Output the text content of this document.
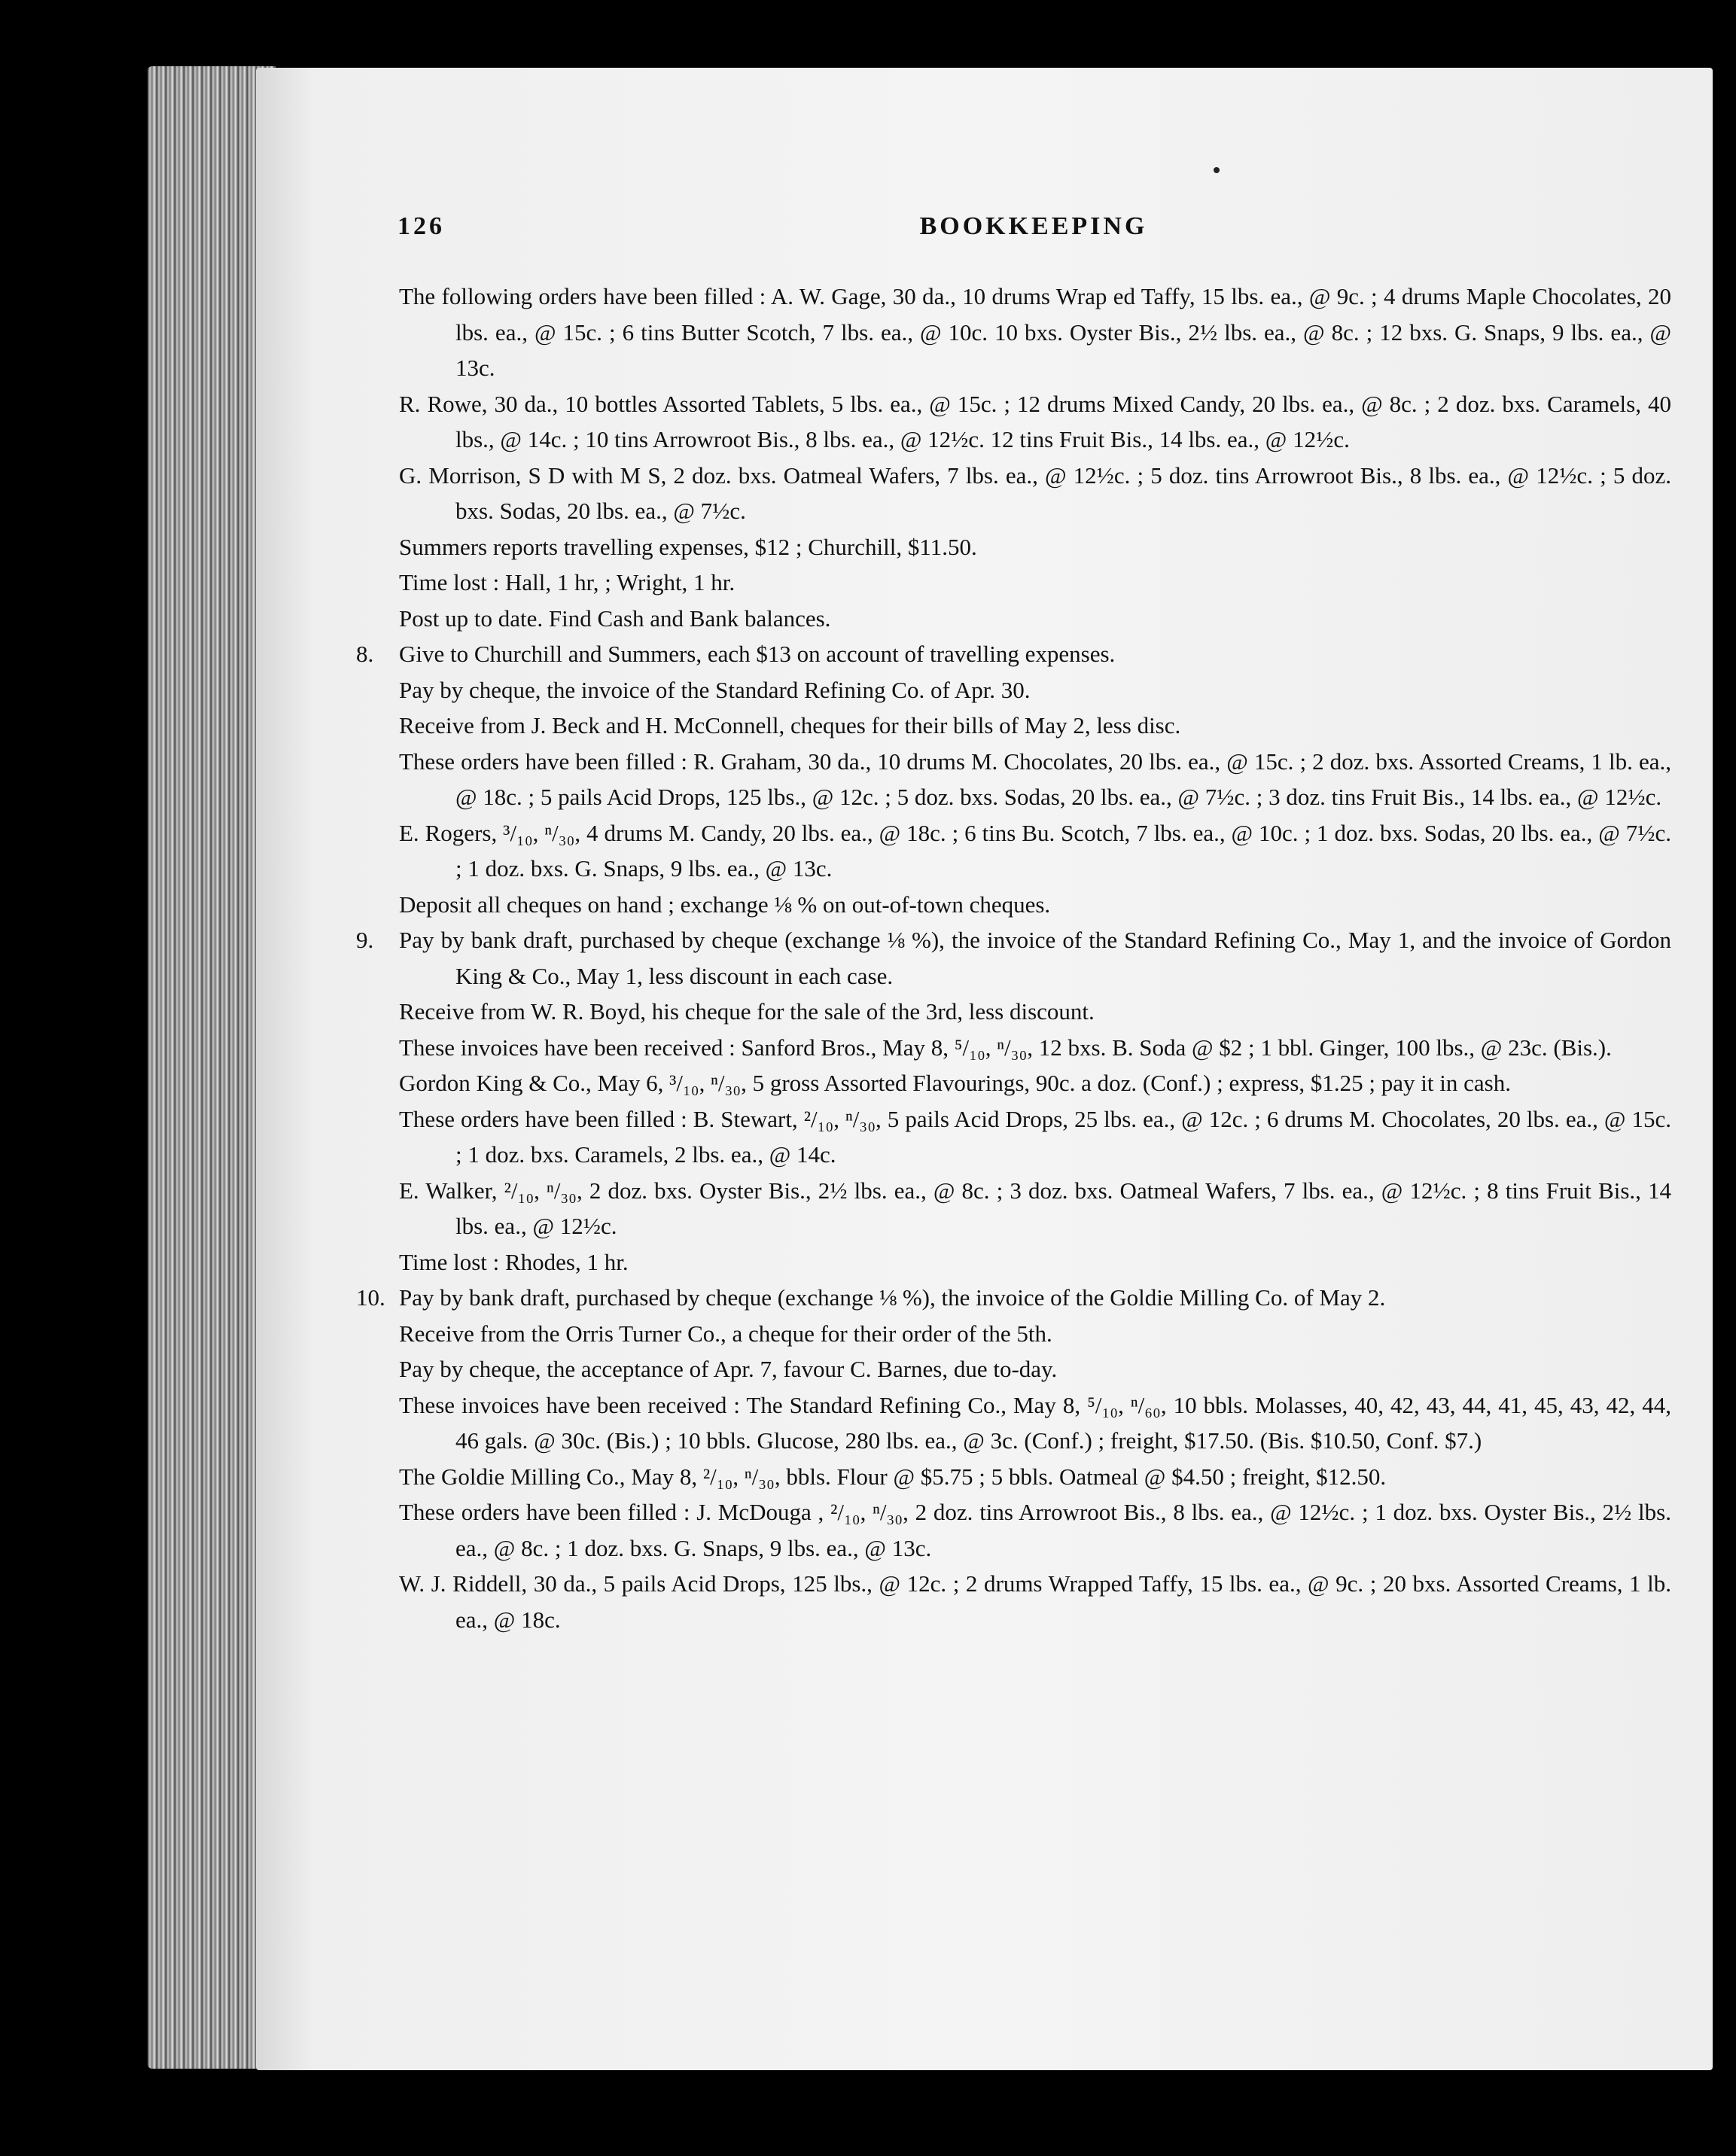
126	BOOKKEEPING
The following orders have been filled : A. W. Gage, 30 da., 10 drums Wrap ed Taffy, 15 lbs. ea., @ 9c. ; 4 drums Maple Chocolates, 20 lbs. ea., @ 15c. ; 6 tins Butter Scotch, 7 lbs. ea., @ 10c. 10 bxs. Oyster Bis., 2½ lbs. ea., @ 8c. ; 12 bxs. G. Snaps, 9 lbs. ea., @ 13c.
R. Rowe, 30 da., 10 bottles Assorted Tablets, 5 lbs. ea., @ 15c. ; 12 drums Mixed Candy, 20 lbs. ea., @ 8c. ; 2 doz. bxs. Caramels, 40 lbs., @ 14c. ; 10 tins Arrowroot Bis., 8 lbs. ea., @ 12½c. 12 tins Fruit Bis., 14 lbs. ea., @ 12½c.
G. Morrison, S D with M S, 2 doz. bxs. Oatmeal Wafers, 7 lbs. ea., @ 12½c. ; 5 doz. tins Arrowroot Bis., 8 lbs. ea., @ 12½c. ; 5 doz. bxs. Sodas, 20 lbs. ea., @ 7½c.
Summers reports travelling expenses, $12 ; Churchill, $11.50.
Time lost : Hall, 1 hr, ; Wright, 1 hr.
Post up to date. Find Cash and Bank balances.
8. Give to Churchill and Summers, each $13 on account of travelling expenses.
Pay by cheque, the invoice of the Standard Refining Co. of Apr. 30.
Receive from J. Beck and H. McConnell, cheques for their bills of May 2, less disc.
These orders have been filled : R. Graham, 30 da., 10 drums M. Chocolates, 20 lbs. ea., @ 15c. ; 2 doz. bxs. Assorted Creams, 1 lb. ea., @ 18c. ; 5 pails Acid Drops, 125 lbs., @ 12c. ; 5 doz. bxs. Sodas, 20 lbs. ea., @ 7½c. ; 3 doz. tins Fruit Bis., 14 lbs. ea., @ 12½c.
E. Rogers, ³/₁₀, ⁿ/₃₀, 4 drums M. Candy, 20 lbs. ea., @ 18c. ; 6 tins Bu. Scotch, 7 lbs. ea., @ 10c. ; 1 doz. bxs. Sodas, 20 lbs. ea., @ 7½c. ; 1 doz. bxs. G. Snaps, 9 lbs. ea., @ 13c.
Deposit all cheques on hand ; exchange ⅛ % on out-of-town cheques.
9. Pay by bank draft, purchased by cheque (exchange ⅛ %), the invoice of the Standard Refining Co., May 1, and the invoice of Gordon King & Co., May 1, less discount in each case.
Receive from W. R. Boyd, his cheque for the sale of the 3rd, less discount.
These invoices have been received : Sanford Bros., May 8, ⁵/₁₀, ⁿ/₃₀, 12 bxs. B. Soda @ $2 ; 1 bbl. Ginger, 100 lbs., @ 23c. (Bis.).
Gordon King & Co., May 6, ³/₁₀, ⁿ/₃₀, 5 gross Assorted Flavourings, 90c. a doz. (Conf.) ; express, $1.25 ; pay it in cash.
These orders have been filled : B. Stewart, ²/₁₀, ⁿ/₃₀, 5 pails Acid Drops, 25 lbs. ea., @ 12c. ; 6 drums M. Chocolates, 20 lbs. ea., @ 15c. ; 1 doz. bxs. Caramels, 2 lbs. ea., @ 14c.
E. Walker, ²/₁₀, ⁿ/₃₀, 2 doz. bxs. Oyster Bis., 2½ lbs. ea., @ 8c. ; 3 doz. bxs. Oatmeal Wafers, 7 lbs. ea., @ 12½c. ; 8 tins Fruit Bis., 14 lbs. ea., @ 12½c.
Time lost : Rhodes, 1 hr.
10. Pay by bank draft, purchased by cheque (exchange ⅛ %), the invoice of the Goldie Milling Co. of May 2.
Receive from the Orris Turner Co., a cheque for their order of the 5th.
Pay by cheque, the acceptance of Apr. 7, favour C. Barnes, due to-day.
These invoices have been received : The Standard Refining Co., May 8, ⁵/₁₀, ⁿ/₆₀, 10 bbls. Molasses, 40, 42, 43, 44, 41, 45, 43, 42, 44, 46 gals. @ 30c. (Bis.) ; 10 bbls. Glucose, 280 lbs. ea., @ 3c. (Conf.) ; freight, $17.50. (Bis. $10.50, Conf. $7.)
The Goldie Milling Co., May 8, ²/₁₀, ⁿ/₃₀, bbls. Flour @ $5.75 ; 5 bbls. Oatmeal @ $4.50 ; freight, $12.50.
These orders have been filled : J. McDouga , ²/₁₀, ⁿ/₃₀, 2 doz. tins Arrowroot Bis., 8 lbs. ea., @ 12½c. ; 1 doz. bxs. Oyster Bis., 2½ lbs. ea., @ 8c. ; 1 doz. bxs. G. Snaps, 9 lbs. ea., @ 13c.
W. J. Riddell, 30 da., 5 pails Acid Drops, 125 lbs., @ 12c. ; 2 drums Wrapped Taffy, 15 lbs. ea., @ 9c. ; 20 bxs. Assorted Creams, 1 lb. ea., @ 18c.
